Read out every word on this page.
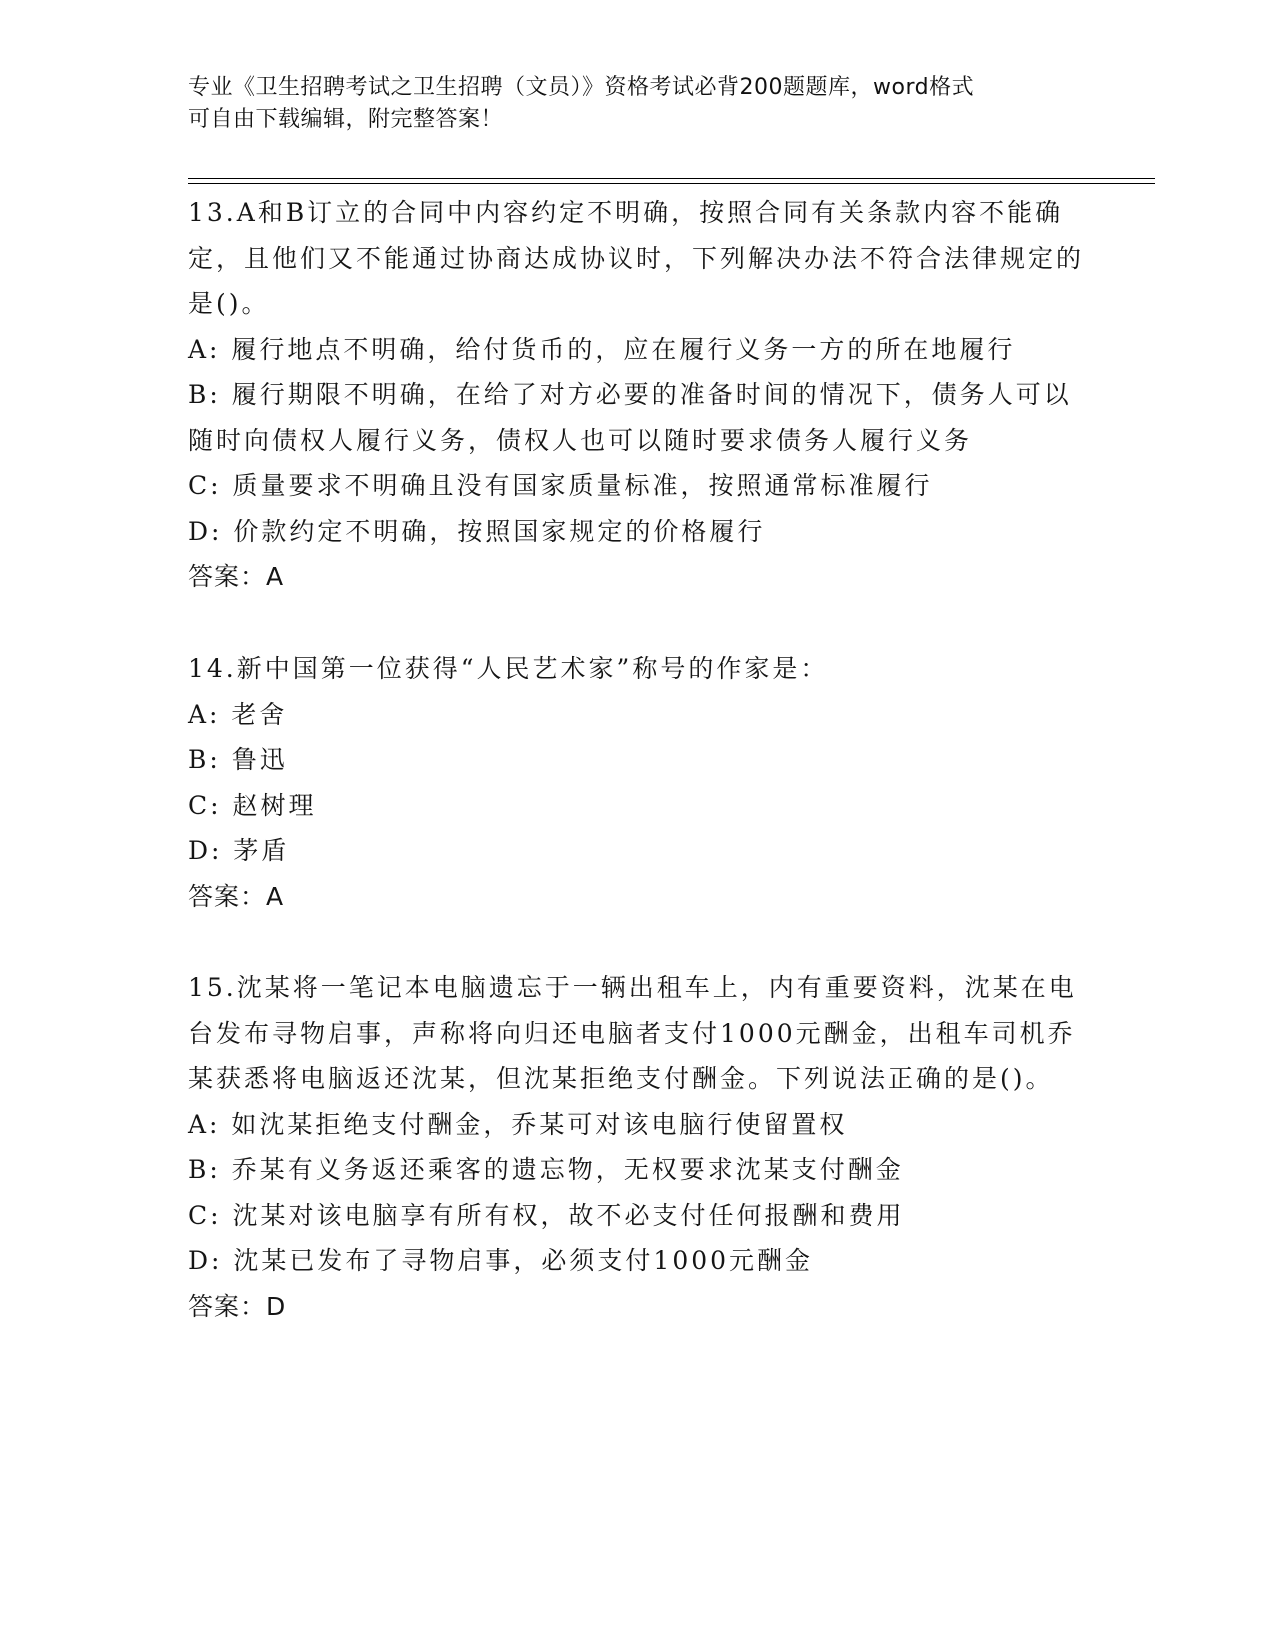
专业《卫生招聘考试之卫生招聘（文员）》资格考试必背200题题库，word格式
可自由下载编辑，附完整答案！

13.A和B订立的合同中内容约定不明确，按照合同有关条款内容不能确定，且他们又不能通过协商达成协议时，下列解决办法不符合法律规定的是()。

A: 履行地点不明确，给付货币的，应在履行义务一方的所在地履行

B: 履行期限不明确，在给了对方必要的准备时间的情况下，债务人可以随时向债权人履行义务，债权人也可以随时要求债务人履行义务

C: 质量要求不明确且没有国家质量标准，按照通常标准履行

D: 价款约定不明确，按照国家规定的价格履行

答案：A

14.新中国第一位获得“人民艺术家”称号的作家是：

A: 老舍

B: 鲁迅

C: 赵树理

D: 茅盾

答案：A

15.沈某将一笔记本电脑遗忘于一辆出租车上，内有重要资料，沈某在电台发布寻物启事，声称将向归还电脑者支付1000元酬金，出租车司机乔某获悉将电脑返还沈某，但沈某拒绝支付酬金。下列说法正确的是()。

A: 如沈某拒绝支付酬金，乔某可对该电脑行使留置权

B: 乔某有义务返还乘客的遗忘物，无权要求沈某支付酬金

C: 沈某对该电脑享有所有权，故不必支付任何报酬和费用

D: 沈某已发布了寻物启事，必须支付1000元酬金

答案：D
